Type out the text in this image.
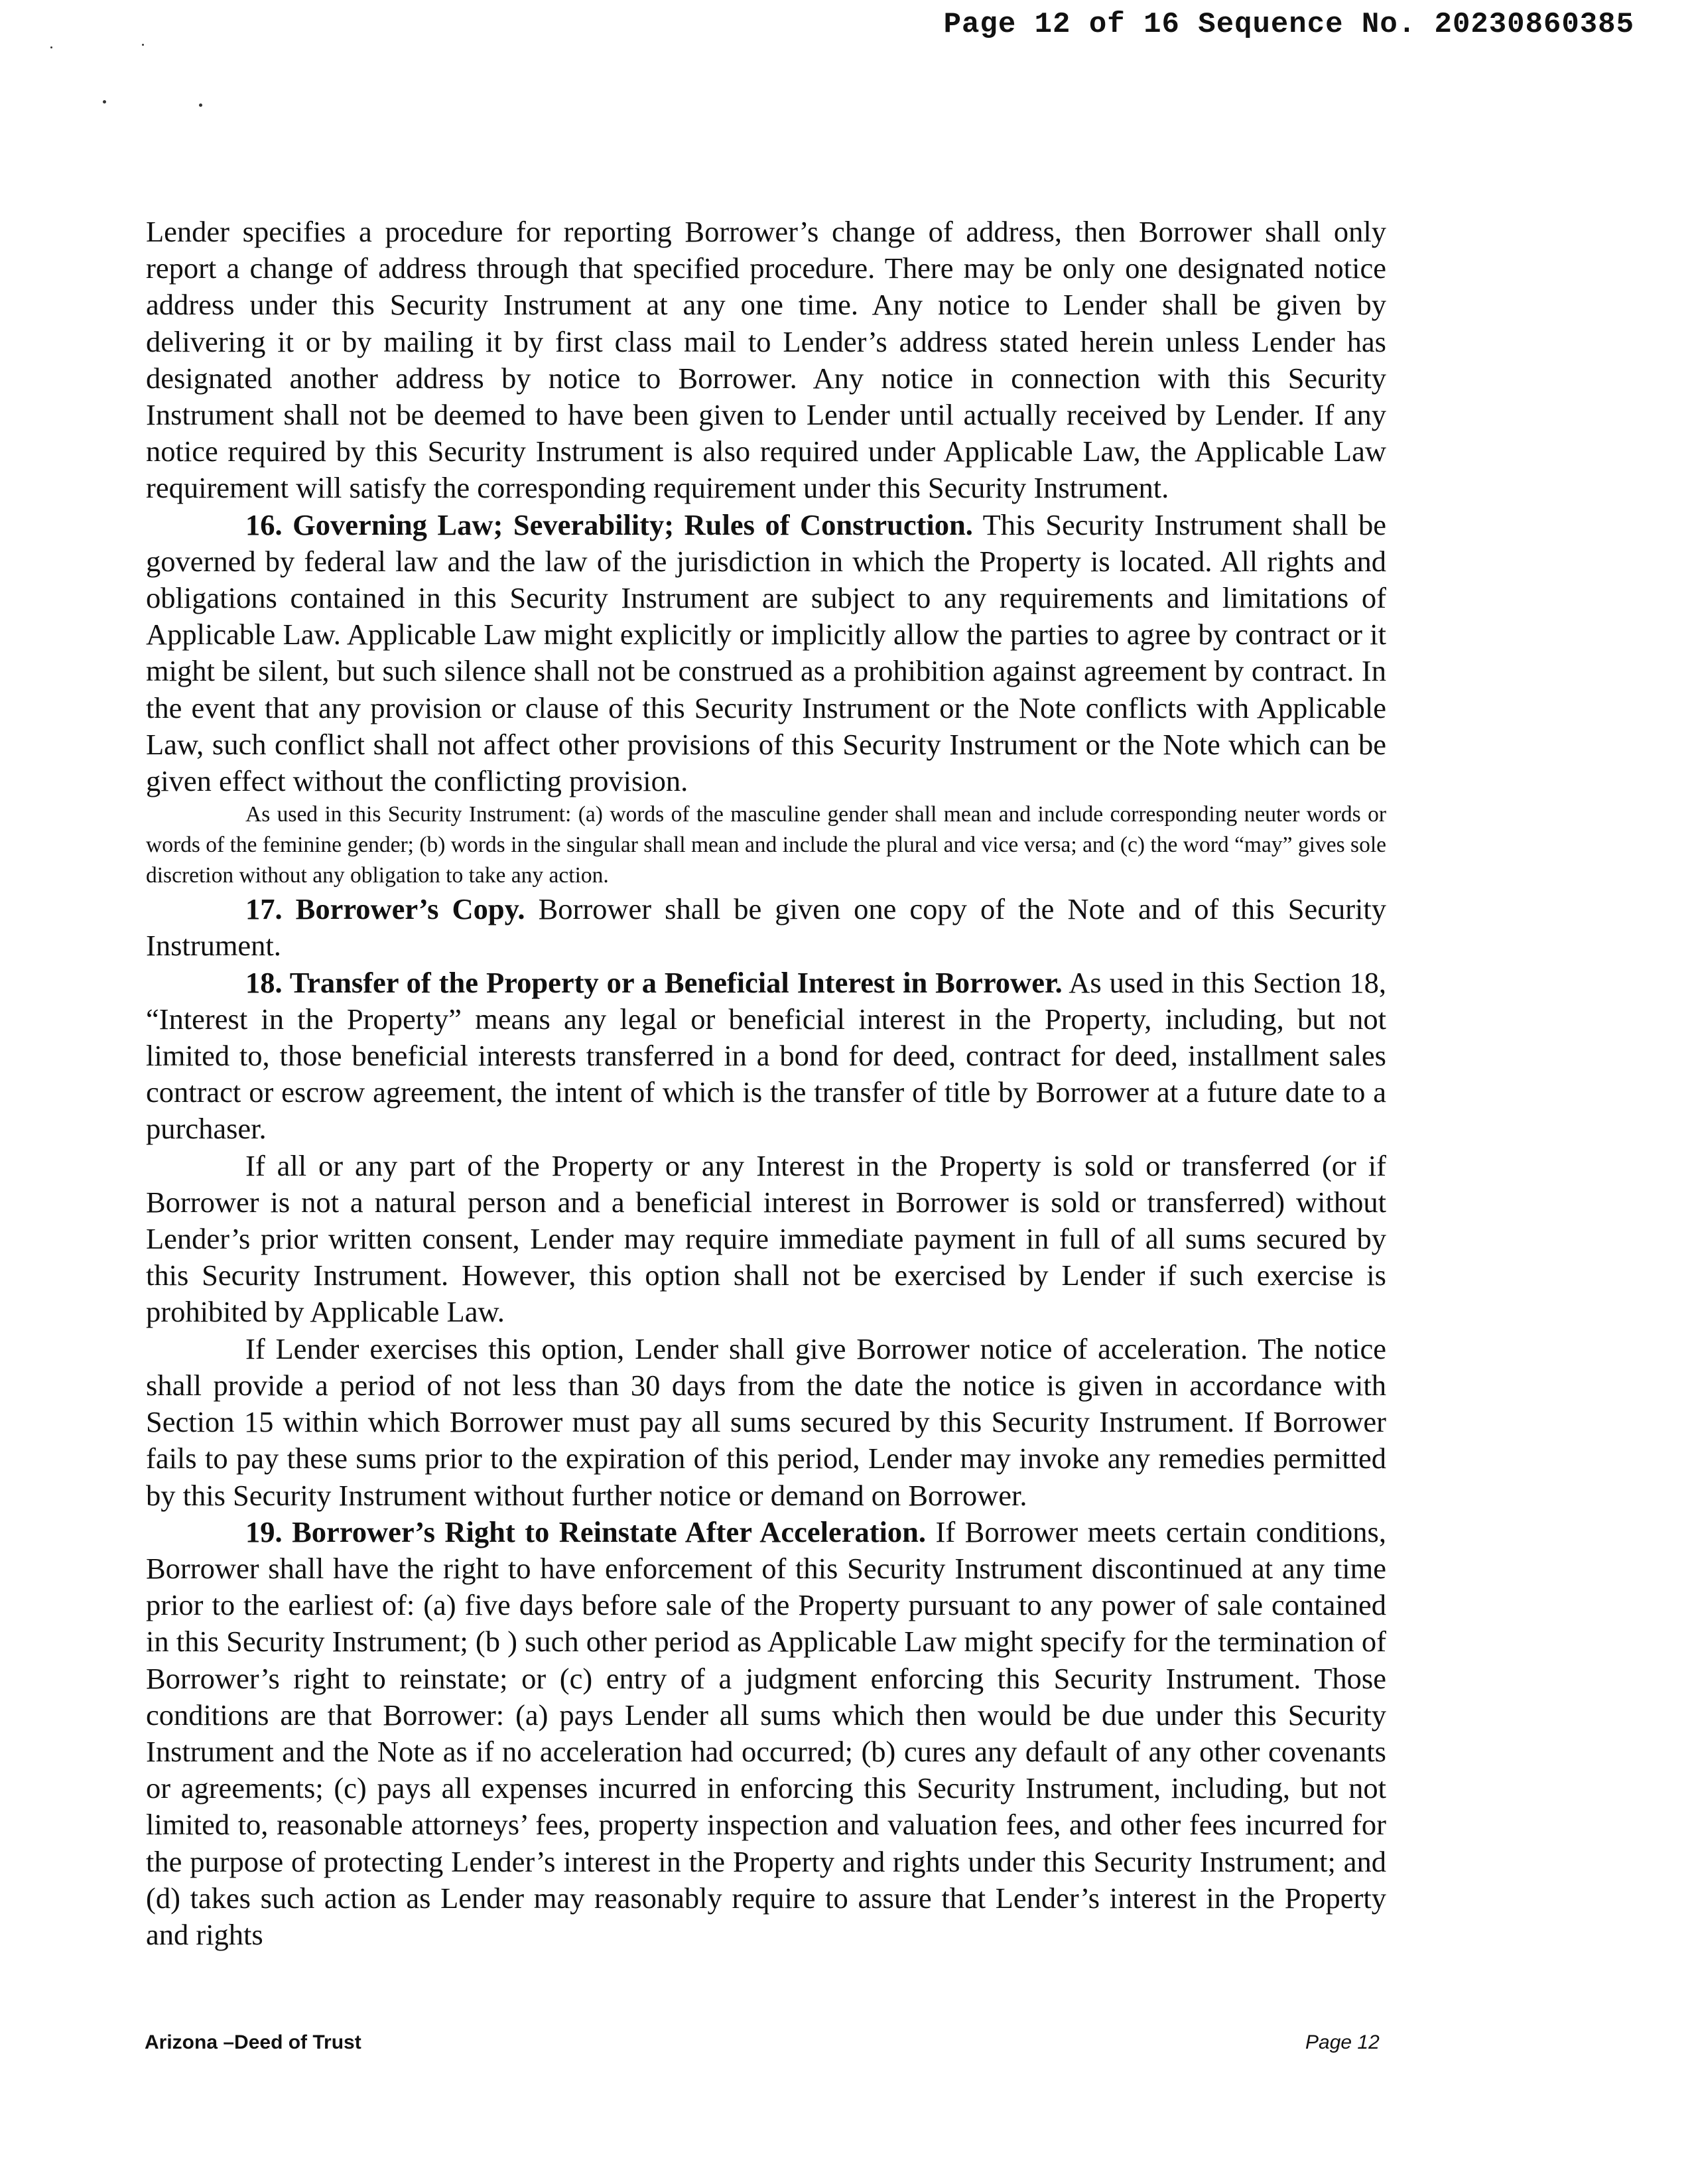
Page 12 of 16 Sequence No. 20230860385

Lender specifies a procedure for reporting Borrower’s change of address, then Borrower shall only report a change of address through that specified procedure. There may be only one designated notice address under this Security Instrument at any one time. Any notice to Lender shall be given by delivering it or by mailing it by first class mail to Lender’s address stated herein unless Lender has designated another address by notice to Borrower. Any notice in connection with this Security Instrument shall not be deemed to have been given to Lender until actually received by Lender. If any notice required by this Security Instrument is also required under Applicable Law, the Applicable Law requirement will satisfy the corresponding requirement under this Security Instrument.

16. Governing Law; Severability; Rules of Construction. This Security Instrument shall be governed by federal law and the law of the jurisdiction in which the Property is located. All rights and obligations contained in this Security Instrument are subject to any requirements and limitations of Applicable Law. Applicable Law might explicitly or implicitly allow the parties to agree by contract or it might be silent, but such silence shall not be construed as a prohibition against agreement by contract. In the event that any provision or clause of this Security Instrument or the Note conflicts with Applicable Law, such conflict shall not affect other provisions of this Security Instrument or the Note which can be given effect without the conflicting provision.

As used in this Security Instrument: (a) words of the masculine gender shall mean and include corresponding neuter words or words of the feminine gender; (b) words in the singular shall mean and include the plural and vice versa; and (c) the word “may” gives sole discretion without any obligation to take any action.

17. Borrower’s Copy. Borrower shall be given one copy of the Note and of this Security Instrument.

18. Transfer of the Property or a Beneficial Interest in Borrower. As used in this Section 18, “Interest in the Property” means any legal or beneficial interest in the Property, including, but not limited to, those beneficial interests transferred in a bond for deed, contract for deed, installment sales contract or escrow agreement, the intent of which is the transfer of title by Borrower at a future date to a purchaser.

If all or any part of the Property or any Interest in the Property is sold or transferred (or if Borrower is not a natural person and a beneficial interest in Borrower is sold or transferred) without Lender’s prior written consent, Lender may require immediate payment in full of all sums secured by this Security Instrument. However, this option shall not be exercised by Lender if such exercise is prohibited by Applicable Law.

If Lender exercises this option, Lender shall give Borrower notice of acceleration. The notice shall provide a period of not less than 30 days from the date the notice is given in accordance with Section 15 within which Borrower must pay all sums secured by this Security Instrument. If Borrower fails to pay these sums prior to the expiration of this period, Lender may invoke any remedies permitted by this Security Instrument without further notice or demand on Borrower.

19. Borrower’s Right to Reinstate After Acceleration. If Borrower meets certain conditions, Borrower shall have the right to have enforcement of this Security Instrument discontinued at any time prior to the earliest of: (a) five days before sale of the Property pursuant to any power of sale contained in this Security Instrument; (b ) such other period as Applicable Law might specify for the termination of Borrower’s right to reinstate; or (c) entry of a judgment enforcing this Security Instrument. Those conditions are that Borrower: (a) pays Lender all sums which then would be due under this Security Instrument and the Note as if no acceleration had occurred; (b) cures any default of any other covenants or agreements; (c) pays all expenses incurred in enforcing this Security Instrument, including, but not limited to, reasonable attorneys’ fees, property inspection and valuation fees, and other fees incurred for the purpose of protecting Lender’s interest in the Property and rights under this Security Instrument; and (d) takes such action as Lender may reasonably require to assure that Lender’s interest in the Property and rights

Arizona –Deed of Trust	Page 12
